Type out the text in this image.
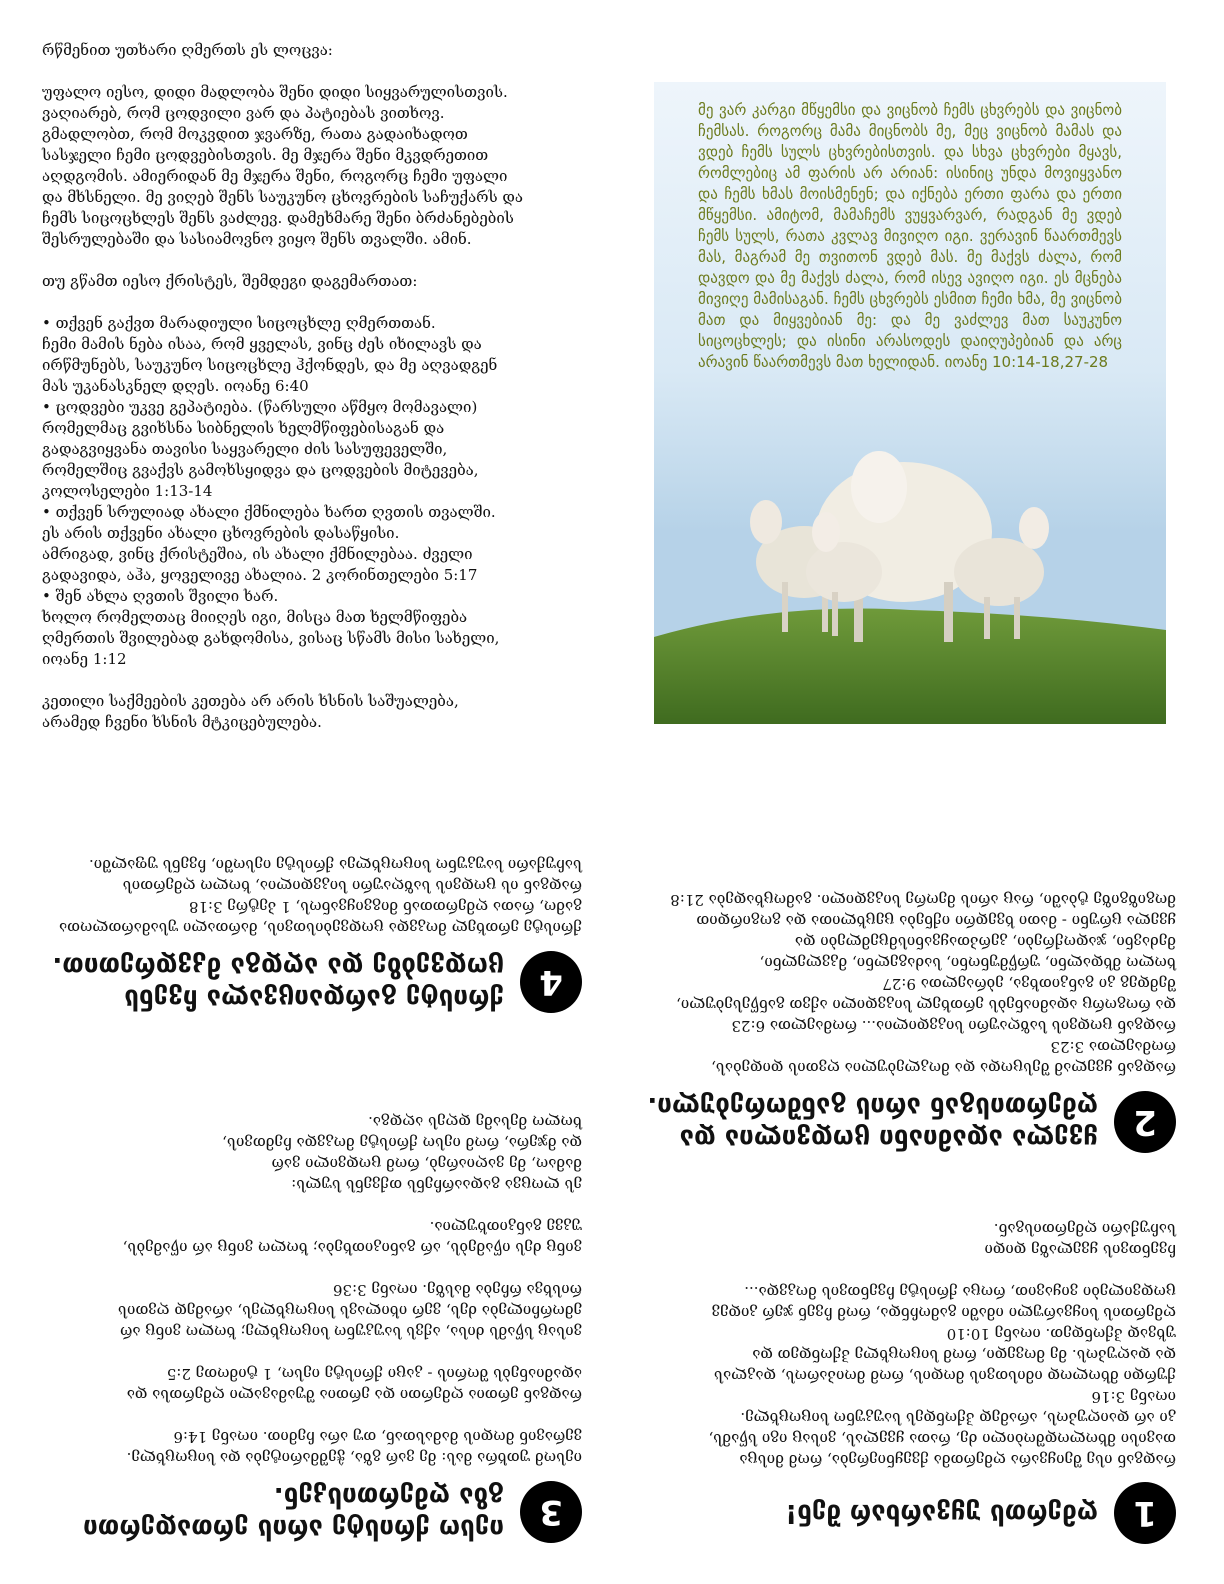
რწმენით უთხარი ღმერთს ეს ლოცვა:

უფალო იესო, დიდი მადლობა შენი დიდი სიყვარულისთვის.

ვაღიარებ, რომ ცოდვილი ვარ და პატიებას ვითხოვ.

გმადლობთ, რომ მოკვდით ჯვარზე, რათა გადაიხადოთ

სასჯელი ჩემი ცოდვებისთვის. მე მჯერა შენი მკვდრეთით

აღდგომის. ამიერიდან მე მჯერა შენი, როგორც ჩემი უფალი

და მხსნელი. მე ვიღებ შენს საუკუნო ცხოვრების საჩუქარს და

ჩემს სიცოცხლეს შენს ვაძლევ. დამეხმარე შენი ბრძანებების

შესრულებაში და სასიამოვნო ვიყო შენს თვალში. ამინ.

თუ გწამთ იესო ქრისტეს, შემდეგი დაგემართათ:

• თქვენ გაქვთ მარადიული სიცოცხლე ღმერთთან.

ჩემი მამის ნება ისაა, რომ ყველას, ვინც ძეს იხილავს და

ირწმუნებს, საუკუნო სიცოცხლე ჰქონდეს, და მე აღვადგენ

მას უკანასკნელ დღეს. იოანე 6:40

• ცოდვები უკვე გეპატიება. (წარსული აწმყო მომავალი)

რომელმაც გვიხსნა სიბნელის ხელმწიფებისაგან და

გადაგვიყვანა თავისი საყვარელი ძის სასუფეველში,

რომელშიც გვაქვს გამოხსყიდვა და ცოდვების მიტევება,

კოლოსელები 1:13-14

• თქვენ სრულიად ახალი ქმნილება ხართ ღვთის თვალში.

ეს არის თქვენი ახალი ცხოვრების დასაწყისი.

ამრიგად, ვინც ქრისტეშია, ის ახალი ქმნილებაა. ძველი

გადავიდა, აჰა, ყოველივე ახალია. 2 კორინთელები 5:17

• შენ ახლა ღვთის შვილი ხარ.

ხოლო რომელთაც მიიღეს იგი, მისცა მათ ხელმწიფება

ღმერთის შვილებად გახდომისა, ვისაც სწამს მისი სახელი,

იოანე 1:12

კეთილი საქმეების კეთება არ არის ხსნის საშუალება,

არამედ ჩვენი ხსნის მტკიცებულება.

მე ვარ კარგი მწყემსი და ვიცნობ ჩემს ცხვრებს და ვიცნობ ჩემსას. როგორც მამა მიცნობს მე, მეც ვიცნობ მამას და ვდებ ჩემს სულს ცხვრებისთვის. და სხვა ცხვრები მყავს, რომლებიც ამ ფარის არ არიან: ისინიც უნდა მოვიყვანო და ჩემს ხმას მოისმენენ; და იქნება ერთი ფარა და ერთი მწყემსი. ამიტომ, მამაჩემს ვუყვარვარ, რადგან მე ვდებ ჩემს სულს, რათა კვლავ მივიღო იგი. ვერავინ წაართმევს მას, მაგრამ მე თვითონ ვდებ მას. მე მაქვს ძალა, რომ დავდო და მე მაქვს ძალა, რომ ისევ ავიღო იგი. ეს მცნება მივიღე მამისაგან. ჩემს ცხვრებს ესმით ჩემი ხმა, მე ვიცნობ მათ და მიყვებიან მე: და მე ვაძლევ მათ საუკუნო სიცოცხლეს; და ისინი არასოდეს დაიღუპებიან და არც არავინ წაართმევს მათ ხელიდან. იოანე 10:14-18,27-28
4
ქრისტე გარდაიცვალა ჩვენს
ცოდვებზე და აღდგა მკვდრეთით.

ქრისტე ერთხელ მოკვდა ცოდვებისთვის, მართალი უსამართლოთა

გამო, რათა ღმერთთან მიგვიყვანოს, 1 პეტრე 3:18

რადგან ის ცოდვის საზღაური სიკვდილია, ხოლო ღმერთის

საჩუქარი საუკუნო სიცოცხლეა ქრისტე იესოში, ჩვენს უფალში.

3
იესო ქრისტე არის ერთადერთი
გზა ღმერთისკენ.

იესომ უთხრა მას: მე ვარ გზა, ჭეშმარიტება და სიცოცხლე.

ვერავინ მოდის მამასთან, თუ არა ჩემით. იოანე 14:6

რადგან ერთია ღმერთი და ერთია შუამავალი ღმერთსა და

ადამიანებს შორის - კაცი ქრისტე იესო, 1 ტიმოთე 2:5

ვისაც სწამს ძისა, აქვს საუკუნო სიცოცხლე; ხოლო ვინც არ

ემორჩილება ძეს, ვერ იხილავს სიცოცხლეს, არამედ ღვთის

რისხვა რჩება მასზე. იოანე 3:36

ვინც ძეს იწამებს, არ განიკითხება; ხოლო ვინც არ იწამებს,

უკვე განკითხულია.

ეს ლოცვა გადაარჩენს თქვენს სულს:

მამაო, მე ვაღიარებ, რომ ცოდვილი ვარ

და მჯერა, რომ იესო ქრისტე მოკვდა ჩემთვის,

ხოლო მესამე დღეს აღდგა.	2
ყველა ადამიანი ცოდვილია და
ღმერთისგან არის განშორებული.

რადგან ყველამ შესცოდა და მოკლებულია ღვთის დიდებას,

რომაელთა 3:23

რადგან ცოდვის საზღაური სიკვდილია... რომაელთა 6:23

და როგორც ადამიანებს ერთხელ სიკვდილი აქვთ განწესებული,

შემდეგ კი განკითხვა, ებრაელთა 9:27

ხოლო მხდალნი, ურწმუნონი, საძაგელნი, მკვლელნი,

მეძავნი, ჯადოქრები, კერპთაყვანისმცემლები და

ყველა ცრუნი - მათი ხვედრი იქნება ცეცხლითა და გოგირდით

მოგიზგიზე ტბაში, რაც არის მეორე სიკვდილი. გამოცხადება 21:8

1
ღმერთს უყვარხარ შენ!

რადგან ისე შეიყვარა ღმერთმა ქვეყნიერება, რომ მისცა

თავისი მხოლოდშობილი ძე, რათა ყველას, ვისაც იგი სწამს,

კი არ დაიღუპოს, არამედ ჰქონდეს საუკუნო სიცოცხლე.

იოანე 3:16

ქურდი მხოლოდ იმისთვის მოდის, რომ მოიპაროს, დაკლას

და დაღუპოს. მე მოვედი, რომ სიცოცხლე ჰქონდეთ და

უხვად ჰქონდეთ. იოანე 10:10

ღმერთის სიყვარული იმაში გამოჩნდა, რომ ჩვენ ჯერ კიდევ

ცოდვილები ვიყავით, როცა ქრისტე ჩვენთვის მოკვდა...

ჩვენთვის ყველაზე დიდი

საჩუქარი ღმერთისგან.
